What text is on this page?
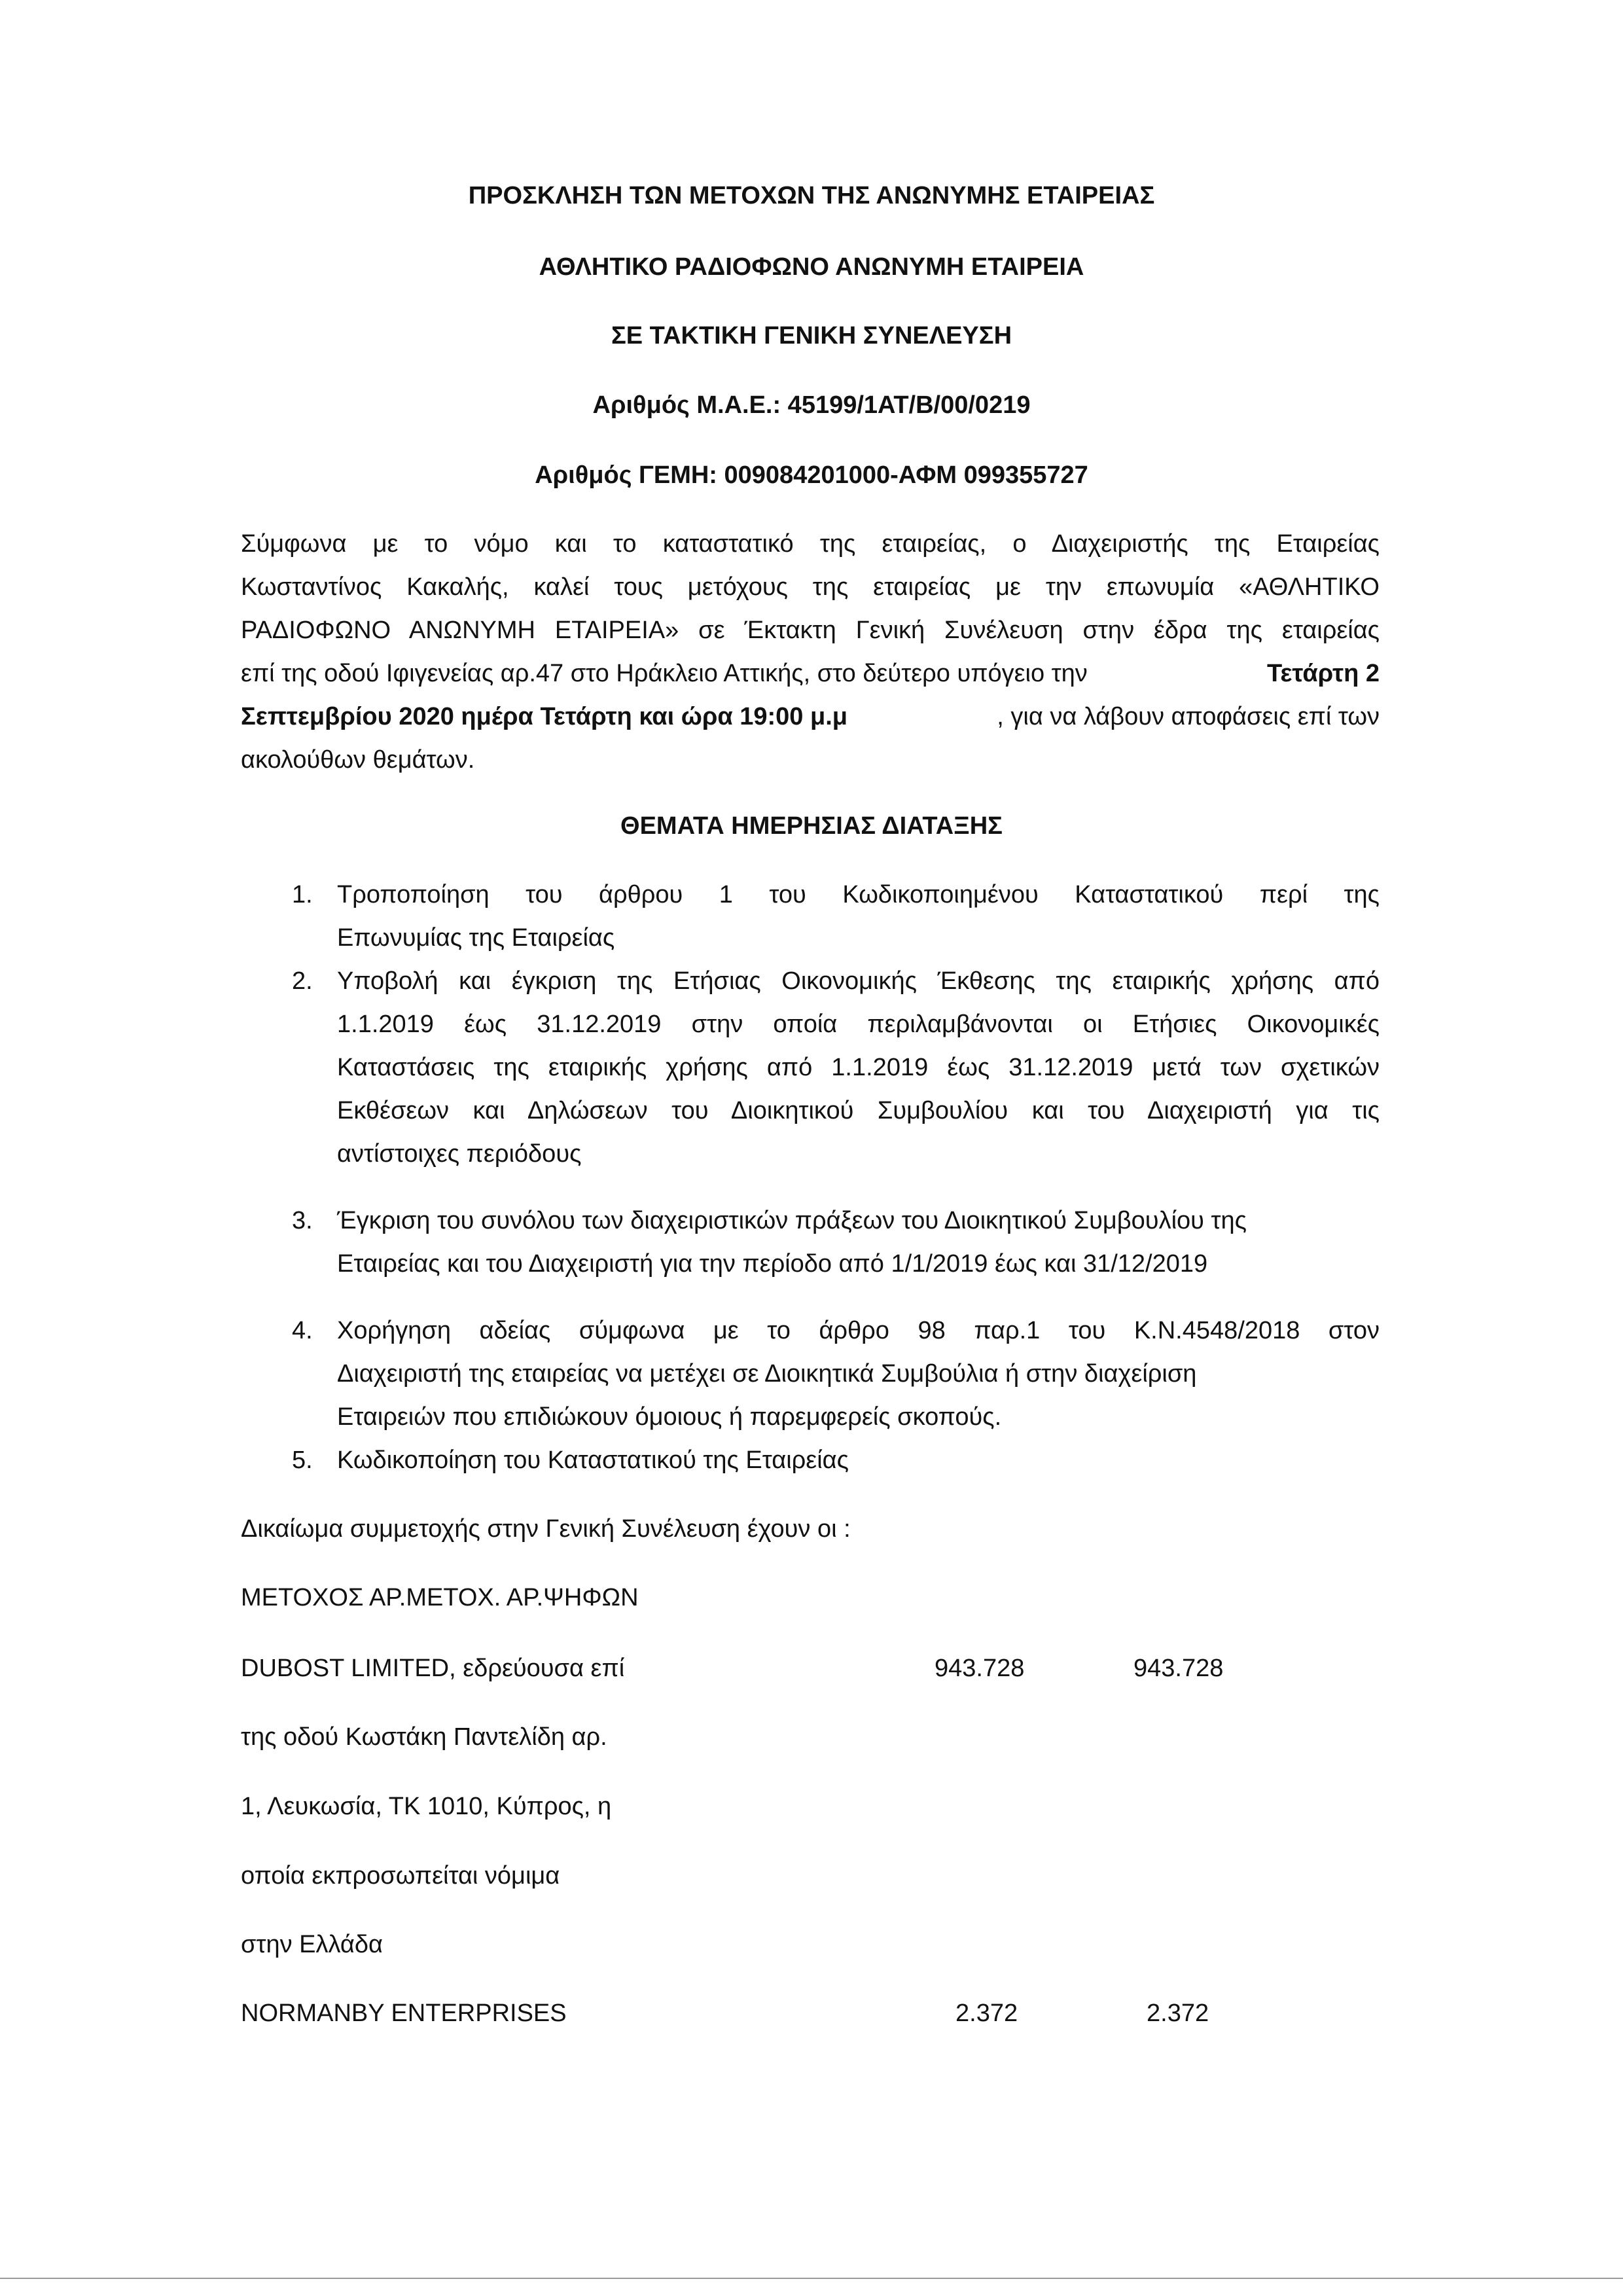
ΠΡΟΣΚΛΗΣΗ ΤΩΝ ΜΕΤΟΧΩΝ ΤΗΣ ΑΝΩΝΥΜΗΣ ΕΤΑΙΡΕΙΑΣ
ΑΘΛΗΤΙΚΟ ΡΑΔΙΟΦΩΝΟ ΑΝΩΝΥΜΗ ΕΤΑΙΡΕΙΑ
ΣΕ ΤΑΚΤΙΚΗ ΓΕΝΙΚΗ ΣΥΝΕΛΕΥΣΗ
Αριθμός Μ.Α.Ε.: 45199/1ΑΤ/Β/00/0219
Αριθμός ΓΕΜΗ: 009084201000-ΑΦΜ 099355727
Σύμφωνα με το νόμο και το καταστατικό της εταιρείας, ο Διαχειριστής της Εταιρείας
Κωσταντίνος Κακαλής, καλεί τους μετόχους της εταιρείας με την επωνυμία «ΑΘΛΗΤΙΚΟ
ΡΑΔΙΟΦΩΝΟ ΑΝΩΝΥΜΗ ΕΤΑΙΡΕΙΑ» σε Έκτακτη Γενική Συνέλευση στην έδρα της εταιρείας
επί της οδού Ιφιγενείας αρ.47 στο Ηράκλειο Αττικής, στο δεύτερο υπόγειο την	Τετάρτη 2
Σεπτεμβρίου 2020 ημέρα Τετάρτη και ώρα 19:00 μ.μ	, για να λάβουν αποφάσεις επί των
ακολούθων θεμάτων.
ΘΕΜΑΤΑ ΗΜΕΡΗΣΙΑΣ ΔΙΑΤΑΞΗΣ
1. Τροποποίηση του άρθρου 1 του Κωδικοποιημένου Καταστατικού περί της
Επωνυμίας της Εταιρείας
2. Υποβολή και έγκριση της Ετήσιας Οικονομικής Έκθεσης της εταιρικής χρήσης από
1.1.2019 έως 31.12.2019 στην οποία περιλαμβάνονται οι Ετήσιες Οικονομικές
Καταστάσεις της εταιρικής χρήσης από 1.1.2019 έως 31.12.2019 μετά των σχετικών
Εκθέσεων και Δηλώσεων του Διοικητικού Συμβουλίου και του Διαχειριστή για τις
αντίστοιχες περιόδους
3. Έγκριση του συνόλου των διαχειριστικών πράξεων του Διοικητικού Συμβουλίου της
Εταιρείας και του Διαχειριστή για την περίοδο από 1/1/2019 έως και 31/12/2019
4. Χορήγηση αδείας σύμφωνα με το άρθρο 98 παρ.1 του Κ.Ν.4548/2018 στον
Διαχειριστή της εταιρείας να μετέχει σε Διοικητικά Συμβούλια ή στην διαχείριση
Εταιρειών που επιδιώκουν όμοιους ή παρεμφερείς σκοπούς.
5. Κωδικοποίηση του Καταστατικού της Εταιρείας
Δικαίωμα συμμετοχής στην Γενική Συνέλευση έχουν οι :
ΜΕΤΟΧΟΣ ΑΡ.ΜΕΤΟΧ. ΑΡ.ΨΗΦΩΝ
DUBOST LIMITED, εδρεύουσα επί	943.728	943.728
της οδού Κωστάκη Παντελίδη αρ.
1, Λευκωσία, ΤΚ 1010, Κύπρος, η
οποία εκπροσωπείται νόμιμα
στην Ελλάδα
NORMANBY ENTERPRISES	2.372	2.372
